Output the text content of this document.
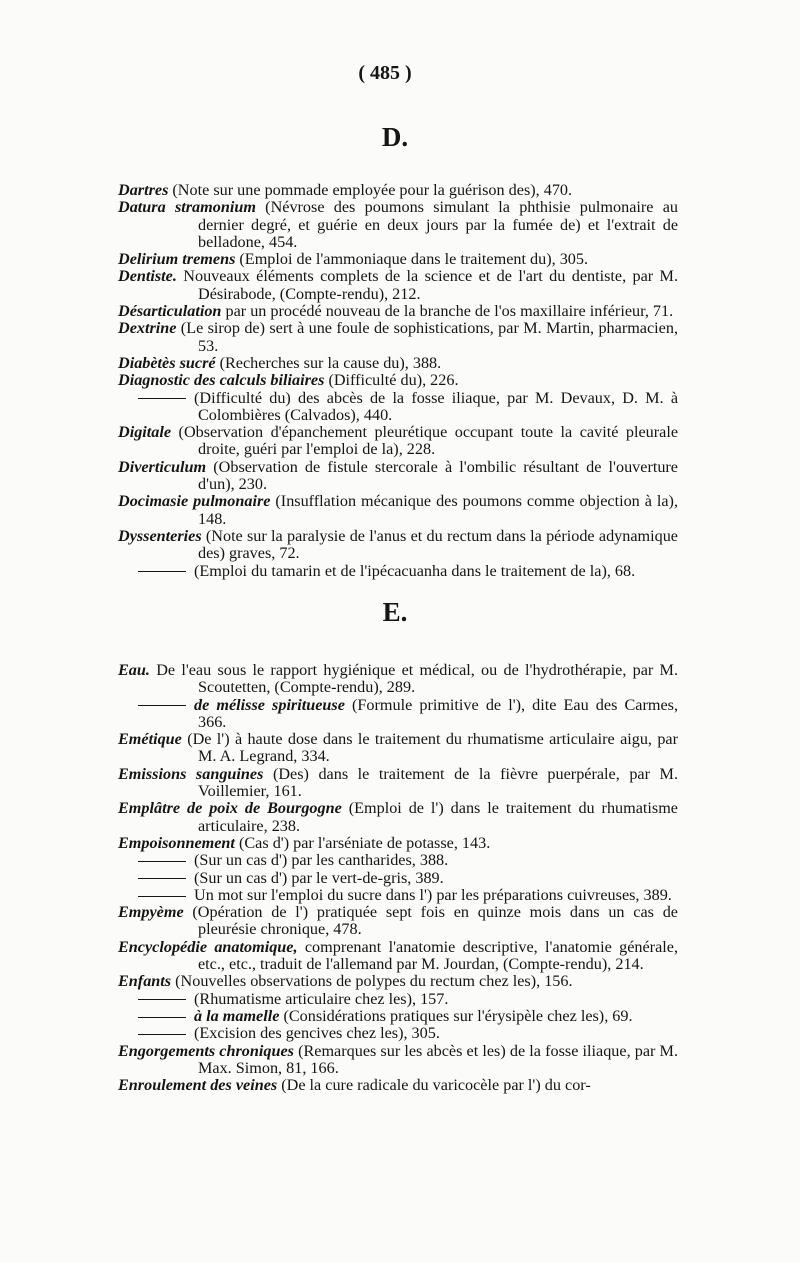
( 485 )
D.
Dartres (Note sur une pommade employée pour la guérison des), 470.
Datura stramonium (Névrose des poumons simulant la phthisie pulmonaire au dernier degré, et guérie en deux jours par la fumée de) et l'extrait de belladone, 454.
Delirium tremens (Emploi de l'ammoniaque dans le traitement du), 305.
Dentiste. Nouveaux éléments complets de la science et de l'art du dentiste, par M. Désirabode, (Compte-rendu), 212.
Désarticulation par un procédé nouveau de la branche de l'os maxillaire inférieur, 71.
Dextrine (Le sirop de) sert à une foule de sophistications, par M. Martin, pharmacien, 53.
Diabètès sucré (Recherches sur la cause du), 388.
Diagnostic des calculs biliaires (Difficulté du), 226.
(Difficulté du) des abcès de la fosse iliaque, par M. Devaux, D. M. à Colombières (Calvados), 440.
Digitale (Observation d'épanchement pleurétique occupant toute la cavité pleurale droite, guéri par l'emploi de la), 228.
Diverticulum (Observation de fistule stercorale à l'ombilic résultant de l'ouverture d'un), 230.
Docimasie pulmonaire (Insufflation mécanique des poumons comme objection à la), 148.
Dyssenteries (Note sur la paralysie de l'anus et du rectum dans la période adynamique des) graves, 72.
(Emploi du tamarin et de l'ipécacuanha dans le traitement de la), 68.
E.
Eau. De l'eau sous le rapport hygiénique et médical, ou de l'hydrothérapie, par M. Scoutetten, (Compte-rendu), 289.
de mélisse spiritueuse (Formule primitive de l'), dite Eau des Carmes, 366.
Emétique (De l') à haute dose dans le traitement du rhumatisme articulaire aigu, par M. A. Legrand, 334.
Emissions sanguines (Des) dans le traitement de la fièvre puerpérale, par M. Voillemier, 161.
Emplâtre de poix de Bourgogne (Emploi de l') dans le traitement du rhumatisme articulaire, 238.
Empoisonnement (Cas d') par l'arséniate de potasse, 143.
(Sur un cas d') par les cantharides, 388.
(Sur un cas d') par le vert-de-gris, 389.
Un mot sur l'emploi du sucre dans l') par les préparations cuivreuses, 389.
Empyème (Opération de l') pratiquée sept fois en quinze mois dans un cas de pleurésie chronique, 478.
Encyclopédie anatomique, comprenant l'anatomie descriptive, l'anatomie générale, etc., etc., traduit de l'allemand par M. Jourdan, (Compte-rendu), 214.
Enfants (Nouvelles observations de polypes du rectum chez les), 156.
(Rhumatisme articulaire chez les), 157.
à la mamelle (Considérations pratiques sur l'érysipèle chez les), 69.
(Excision des gencives chez les), 305.
Engorgements chroniques (Remarques sur les abcès et les) de la fosse iliaque, par M. Max. Simon, 81, 166.
Enroulement des veines (De la cure radicale du varicocèle par l') du cor-
